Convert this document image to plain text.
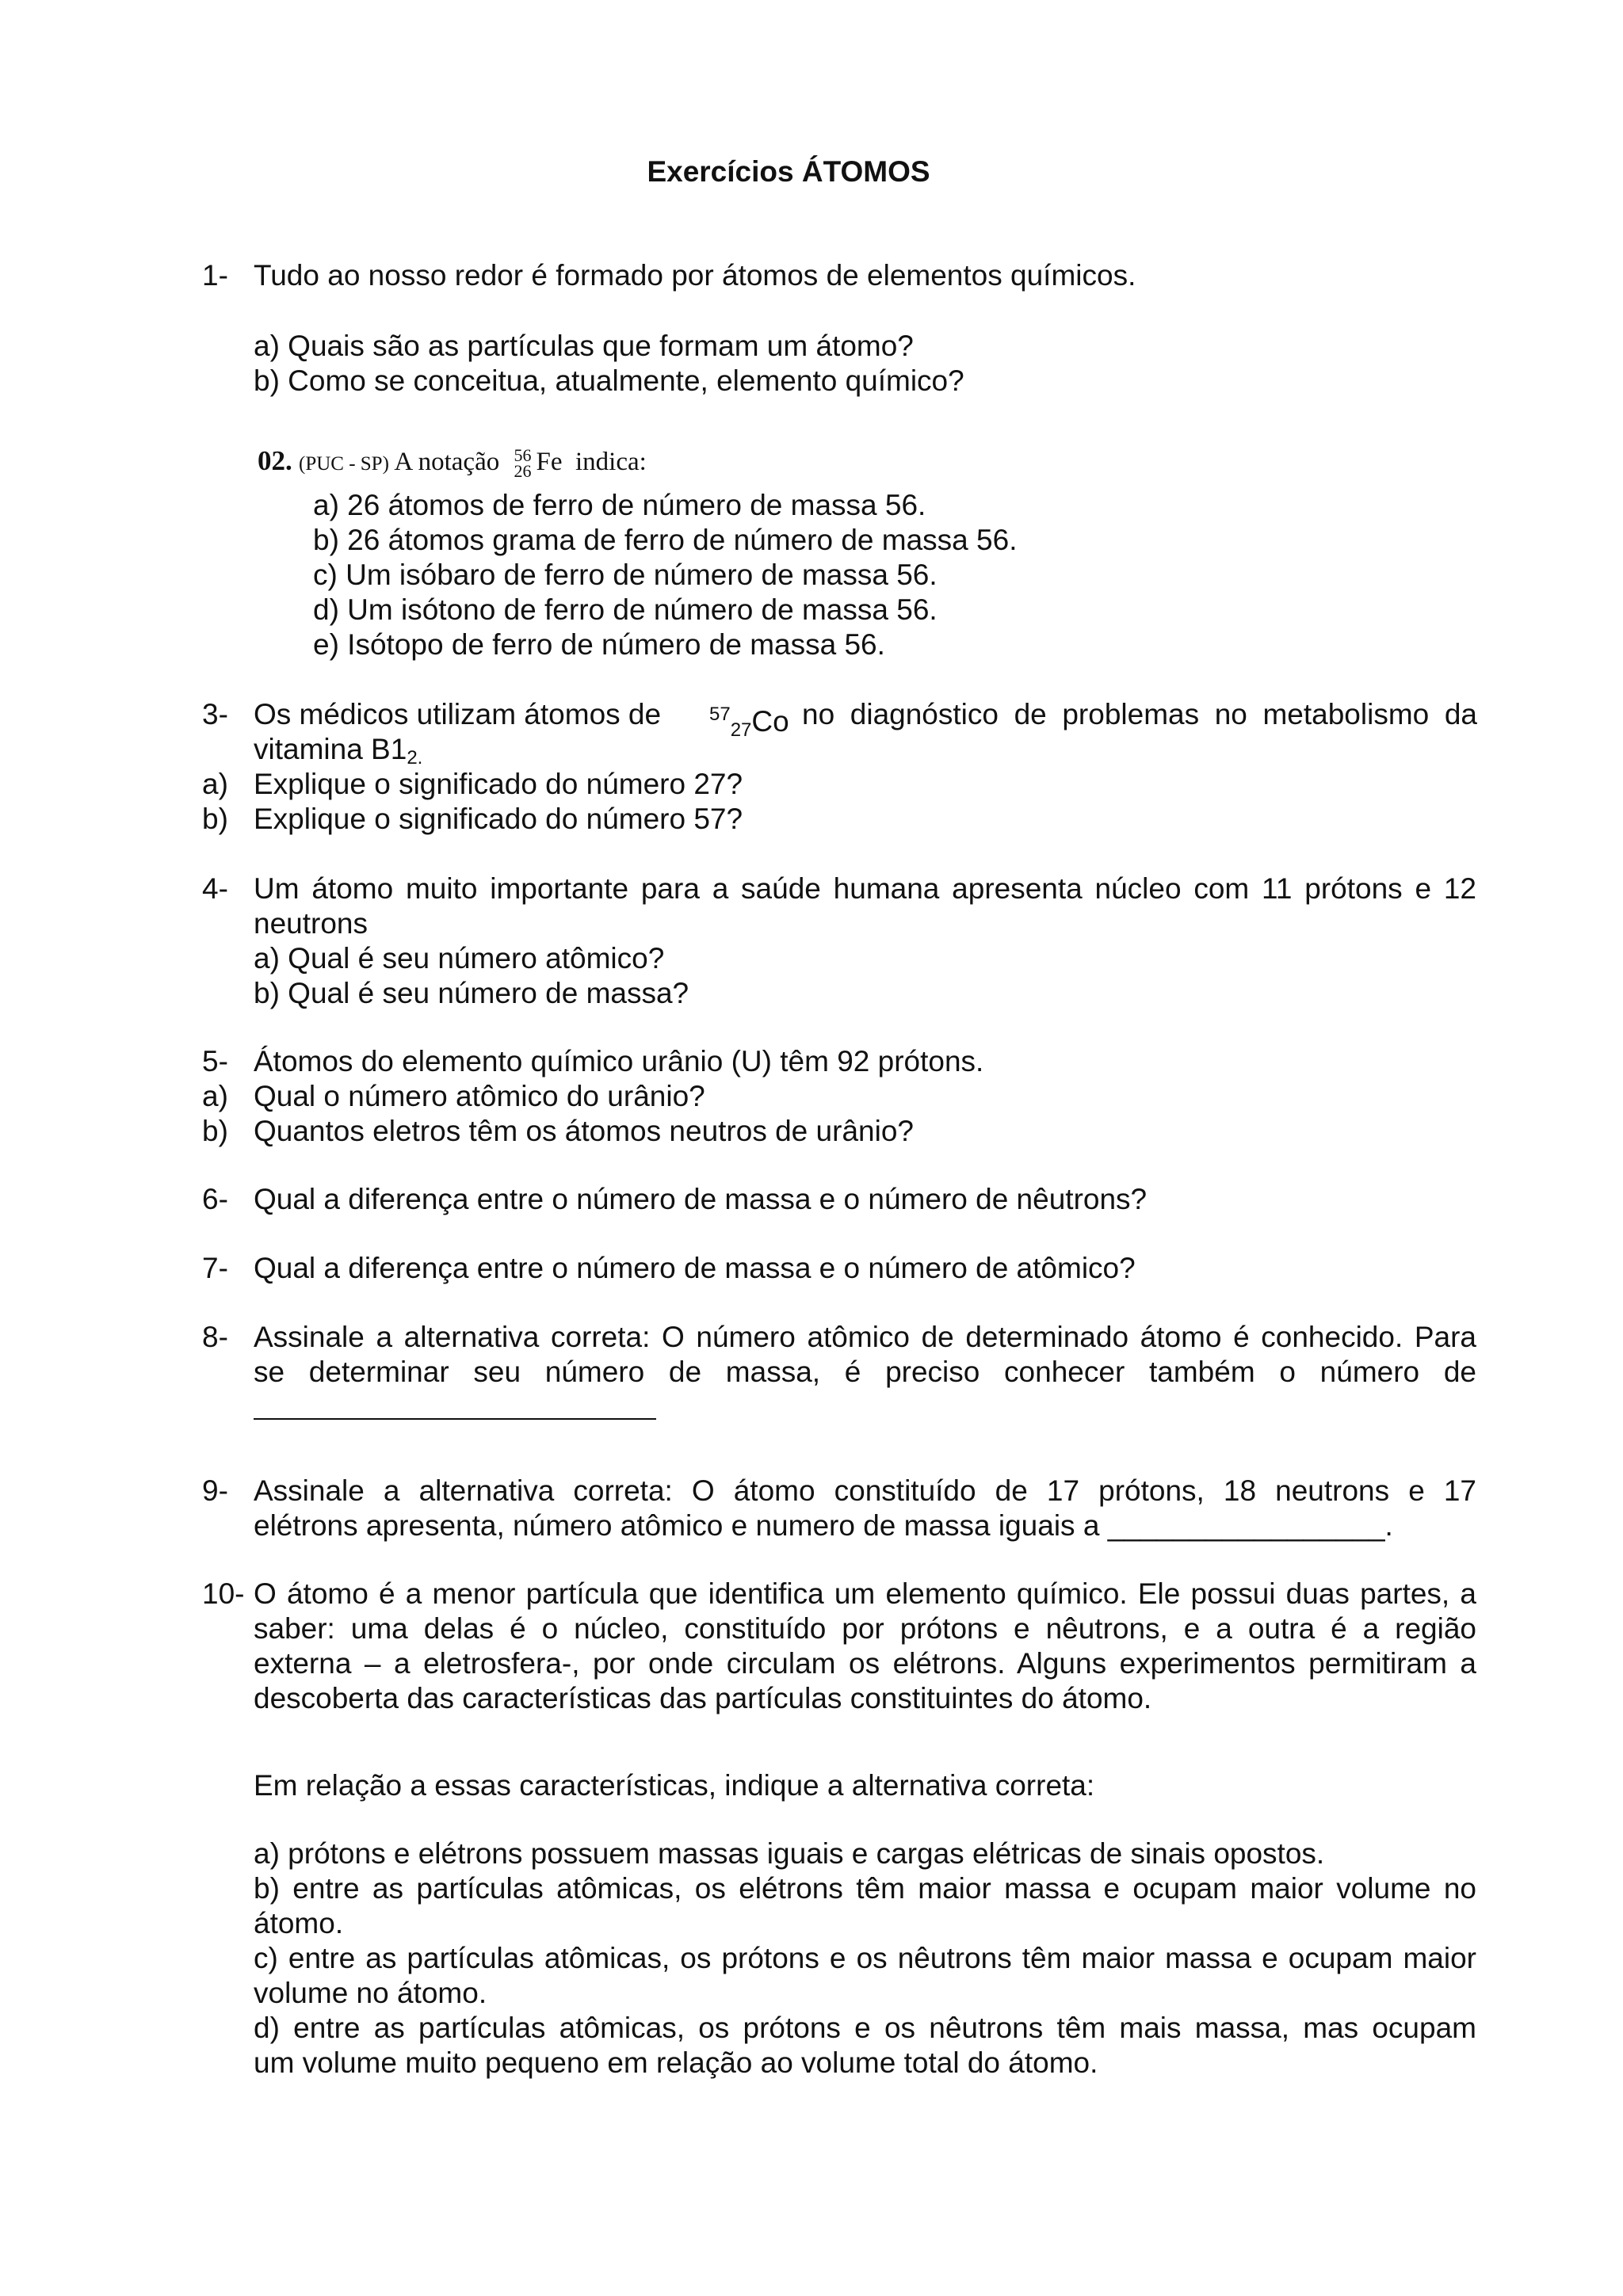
Exercícios ÁTOMOS
1- Tudo ao nosso redor é formado por átomos de elementos químicos.
a) Quais são as partículas que formam um átomo?
b) Como se conceitua, atualmente, elemento químico?
02. (PUC - SP) A notação 56
26 Fe indica:
a) 26 átomos de ferro de número de massa 56.
b) 26 átomos grama de ferro de número de massa 56.
c) Um isóbaro de ferro de número de massa 56.
d) Um isótono de ferro de número de massa 56.
e) Isótopo de ferro de número de massa 56.
3- Os médicos utilizam átomos de	$^{57}_{27}$Co no diagnóstico de problemas no metabolismo da
vitamina $B1_{2.}$
a) Explique o significado do número 27?
b) Explique o significado do número 57?
4- Um átomo muito importante para a saúde humana apresenta núcleo com 11 prótons e 12
neutrons
a) Qual é seu número atômico?
b) Qual é seu número de massa?
5- Átomos do elemento químico urânio (U) têm 92 prótons.
a) Qual o número atômico do urânio?
b) Quantos eletros têm os átomos neutros de urânio?
6- Qual a diferença entre o número de massa e o número de nêutrons?
7- Qual a diferença entre o número de massa e o número de atômico?
8- Assinale a alternativa correta: O número atômico de determinado átomo é conhecido. Para
se determinar seu número de massa, é preciso conhecer também o número de
9- Assinale a alternativa correta: O átomo constituído de 17 prótons, 18 neutrons e 17
elétrons apresenta, número atômico e numero de massa iguais a _________________.
10- O átomo é a menor partícula que identifica um elemento químico. Ele possui duas partes, a
saber: uma delas é o núcleo, constituído por prótons e nêutrons, e a outra é a região
externa – a eletrosfera-, por onde circulam os elétrons. Alguns experimentos permitiram a
descoberta das características das partículas constituintes do átomo.
Em relação a essas características, indique a alternativa correta:
a) prótons e elétrons possuem massas iguais e cargas elétricas de sinais opostos.
b) entre as partículas atômicas, os elétrons têm maior massa e ocupam maior volume no
átomo.
c) entre as partículas atômicas, os prótons e os nêutrons têm maior massa e ocupam maior
volume no átomo.
d) entre as partículas atômicas, os prótons e os nêutrons têm mais massa, mas ocupam
um volume muito pequeno em relação ao volume total do átomo.
